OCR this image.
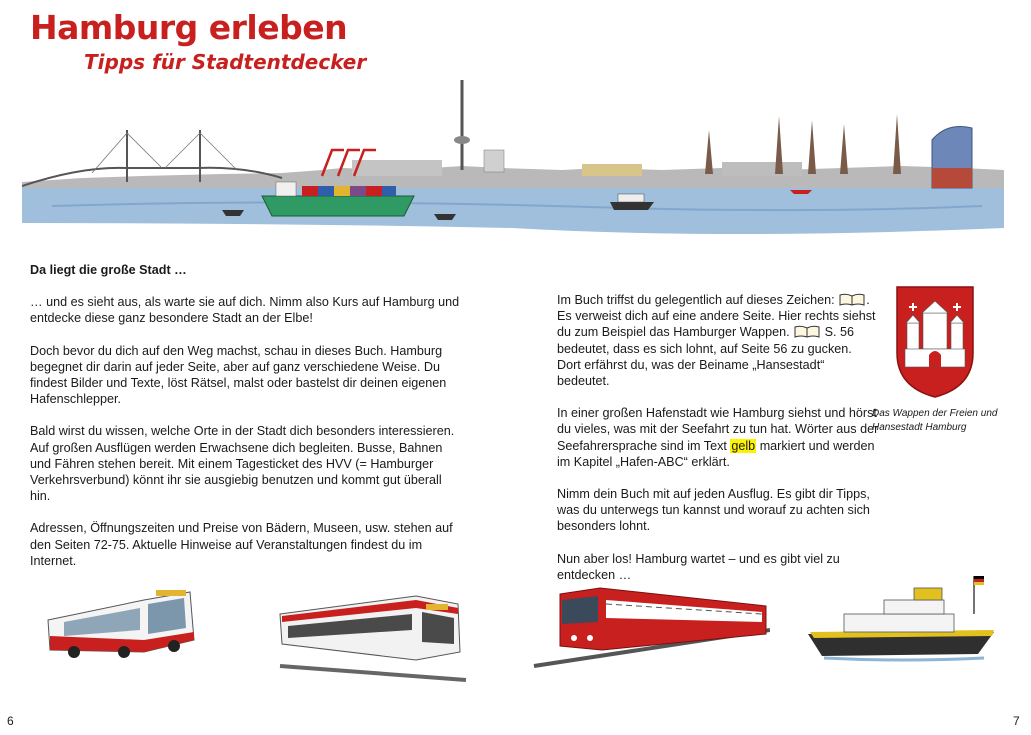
Hamburg erleben
Tipps für Stadtentdecker

Da liegt die große Stadt …

… und es sieht aus, als warte sie auf dich. Nimm also Kurs auf Hamburg und entdecke diese ganz besondere Stadt an der Elbe!

Doch bevor du dich auf den Weg machst, schau in dieses Buch. Hamburg begegnet dir darin auf jeder Seite, aber auf ganz verschiedene Weise. Du findest Bilder und Texte, löst Rätsel, malst oder bastelst dir deinen eigenen Hafenschlepper.

Bald wirst du wissen, welche Orte in der Stadt dich besonders interessieren. Auf großen Ausflügen werden Erwachsene dich begleiten. Busse, Bahnen und Fähren stehen bereit. Mit einem Tagesticket des HVV (= Hamburger Verkehrsverbund) könnt ihr sie ausgiebig benutzen und kommt gut überall hin.

Adressen, Öffnungszeiten und Preise von Bädern, Museen, usw. stehen auf den Seiten 72-75. Aktuelle Hinweise auf Veranstaltungen findest du im Internet.

Im Buch triffst du gelegentlich auf dieses Zeichen:	. Es verweist dich auf eine andere Seite. Hier rechts siehst du zum Beispiel das Hamburger Wappen.	S. 56 bedeutet, dass es sich lohnt, auf Seite 56 zu gucken. Dort erfährst du, was der Beiname „Hansestadt“ bedeutet.

In einer großen Hafenstadt wie Hamburg siehst und hörst du vieles, was mit der Seefahrt zu tun hat. Wörter aus der Seefahrersprache sind im Text gelb markiert und werden im Kapitel „Hafen-ABC“ erklärt.

Nimm dein Buch mit auf jeden Ausflug. Es gibt dir Tipps, was du unterwegs tun kannst und worauf zu achten sich besonders lohnt.

Nun aber los! Hamburg wartet – und es gibt viel zu entdecken …

Das Wappen der Freien und Hansestadt Hamburg

6	7
